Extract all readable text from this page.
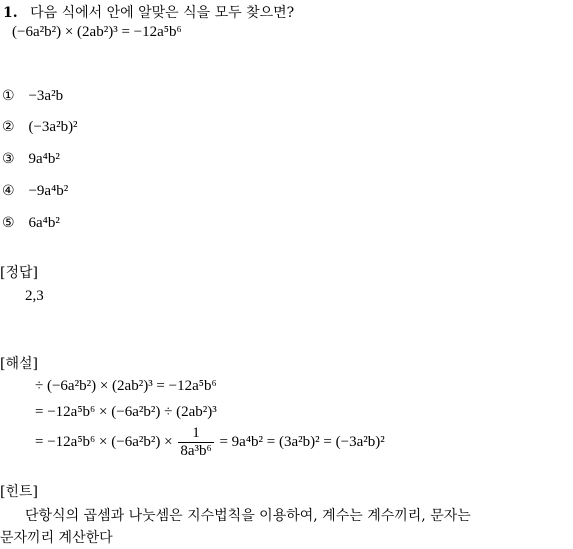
1. 다음 식에서 안에 알맞은 식을 모두 찾으면?
(−6a²b²) × (2ab²)³ = −12a⁵b⁶
① −3a²b
② (−3a²b)²
③ 9a⁴b²
④ −9a⁴b²
⑤ 6a⁴b²
[정답]
2,3
[해설]
÷ (−6a²b²) × (2ab²)³ = −12a⁵b⁶
= −12a⁵b⁶ × (−6a²b²) ÷ (2ab²)³
= $-12a^5b^6 \times (-6a^2b^2) \times \frac{1}{\text{8a³b⁶}} = 9a^4b^2 = (3a^2b)^2 = (-3a^2b)^2$
[힌트]
단항식의 곱셈과 나눗셈은 지수법칙을 이용하여, 계수는 계수끼리, 문자는
문자끼리 계산한다
